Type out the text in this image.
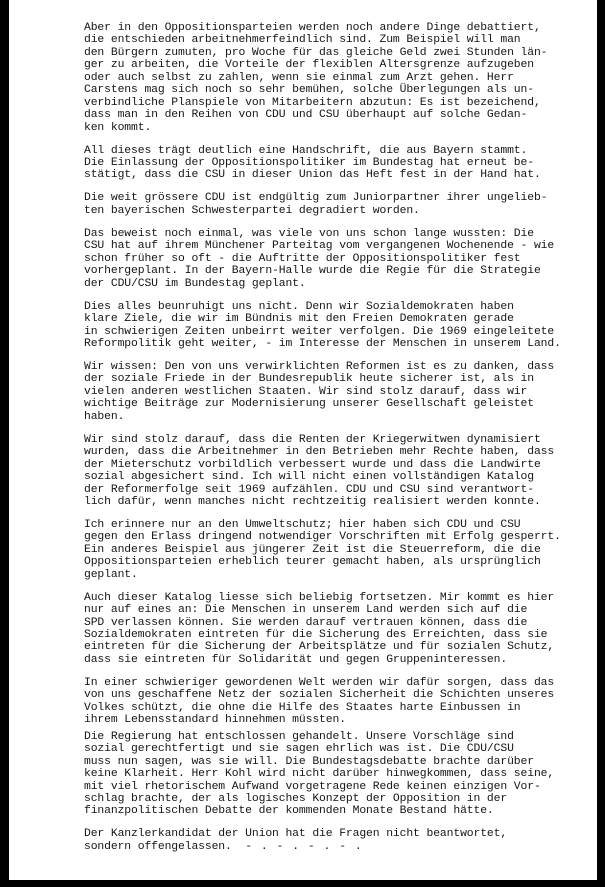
Aber in den Oppositionsparteien werden noch andere Dinge debattiert,
die entschieden arbeitnehmerfeindlich sind. Zum Beispiel will man
den Bürgern zumuten, pro Woche für das gleiche Geld zwei Stunden län-
ger zu arbeiten, die Vorteile der flexiblen Altersgrenze aufzugeben
oder auch selbst zu zahlen, wenn sie einmal zum Arzt gehen. Herr
Carstens mag sich noch so sehr bemühen, solche Überlegungen als un-
verbindliche Planspiele von Mitarbeitern abzutun: Es ist bezeichend,
dass man in den Reihen von CDU und CSU überhaupt auf solche Gedan-
ken kommt.
All dieses trägt deutlich eine Handschrift, die aus Bayern stammt.
Die Einlassung der Oppositionspolitiker im Bundestag hat erneut be-
stätigt, dass die CSU in dieser Union das Heft fest in der Hand hat.
Die weit grössere CDU ist endgültig zum Juniorpartner ihrer ungelieb-
ten bayerischen Schwesterpartei degradiert worden.
Das beweist noch einmal, was viele von uns schon lange wussten: Die
CSU hat auf ihrem Münchener Parteitag vom vergangenen Wochenende - wie
schon früher so oft - die Auftritte der Oppositionspolitiker fest
vorhergeplant. In der Bayern-Halle wurde die Regie für die Strategie
der CDU/CSU im Bundestag geplant.
Dies alles beunruhigt uns nicht. Denn wir Sozialdemokraten haben
klare Ziele, die wir im Bündnis mit den Freien Demokraten gerade
in schwierigen Zeiten unbeirrt weiter verfolgen. Die 1969 eingeleitete
Reformpolitik geht weiter, - im Interesse der Menschen in unserem Land.
Wir wissen: Den von uns verwirklichten Reformen ist es zu danken, dass
der soziale Friede in der Bundesrepublik heute sicherer ist, als in
vielen anderen westlichen Staaten. Wir sind stolz darauf, dass wir
wichtige Beiträge zur Modernisierung unserer Gesellschaft geleistet
haben.
Wir sind stolz darauf, dass die Renten der Kriegerwitwen dynamisiert
wurden, dass die Arbeitnehmer in den Betrieben mehr Rechte haben, dass
der Mieterschutz vorbildlich verbessert wurde und dass die Landwirte
sozial abgesichert sind. Ich will nicht einen vollständigen Katalog
der Reformerfolge seit 1969 aufzählen. CDU und CSU sind verantwort-
lich dafür, wenn manches nicht rechtzeitig realisiert werden konnte.
Ich erinnere nur an den Umweltschutz; hier haben sich CDU und CSU
gegen den Erlass dringend notwendiger Vorschriften mit Erfolg gesperrt.
Ein anderes Beispiel aus jüngerer Zeit ist die Steuerreform, die die
Oppositionsparteien erheblich teurer gemacht haben, als ursprünglich
geplant.
Auch dieser Katalog liesse sich beliebig fortsetzen. Mir kommt es hier
nur auf eines an: Die Menschen in unserem Land werden sich auf die
SPD verlassen können. Sie werden darauf vertrauen können, dass die
Sozialdemokraten eintreten für die Sicherung des Erreichten, dass sie
eintreten für die Sicherung der Arbeitsplätze und für sozialen Schutz,
dass sie eintreten für Solidarität und gegen Gruppeninteressen.
In einer schwieriger gewordenen Welt werden wir dafür sorgen, dass das
von uns geschaffene Netz der sozialen Sicherheit die Schichten unseres
Volkes schützt, die ohne die Hilfe des Staates harte Einbussen in
ihrem Lebensstandard hinnehmen müssten.
Die Regierung hat entschlossen gehandelt. Unsere Vorschläge sind
sozial gerechtfertigt und sie sagen ehrlich was ist. Die CDU/CSU
muss nun sagen, was sie will. Die Bundestagsdebatte brachte darüber
keine Klarheit. Herr Kohl wird nicht darüber hinwegkommen, dass seine,
mit viel rhetorischem Aufwand vorgetragene Rede keinen einzigen Vor-
schlag brachte, der als logisches Konzept der Opposition in der
finanzpolitischen Debatte der kommenden Monate Bestand hätte.
Der Kanzlerkandidat der Union hat die Fragen nicht beantwortet,
sondern offengelassen. - . - . - . - .
